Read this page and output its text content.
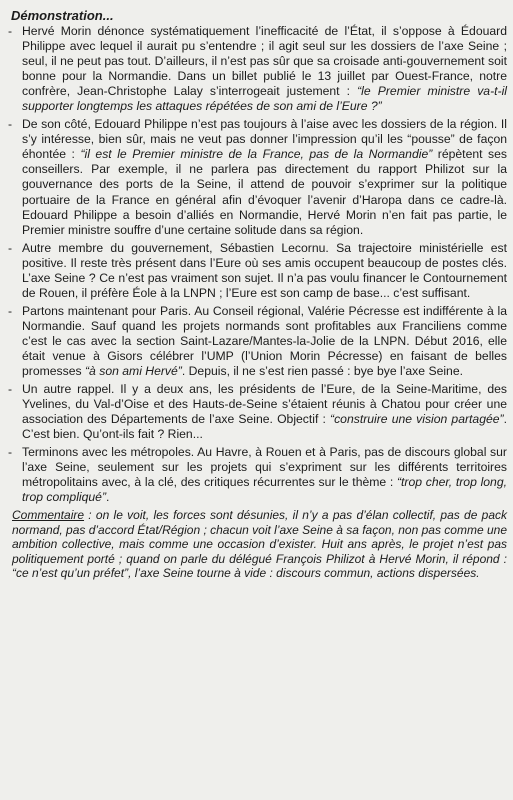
Démonstration...
- Hervé Morin dénonce systématiquement l’inefficacité de l’État, il s’oppose à Édouard Philippe avec lequel il aurait pu s’entendre ; il agit seul sur les dossiers de l’axe Seine ; seul, il ne peut pas tout. D’ailleurs, il n’est pas sûr que sa croisade anti-gouvernement soit bonne pour la Normandie. Dans un billet publié le 13 juillet par Ouest-France, notre confrère, Jean-Christophe Lalay s’interrogeait justement : “le Premier ministre va-t-il supporter longtemps les attaques répétées de son ami de l’Eure ?”
- De son côté, Edouard Philippe n’est pas toujours à l’aise avec les dossiers de la région. Il s’y intéresse, bien sûr, mais ne veut pas donner l’impression qu’il les “pousse” de façon éhontée : “il est le Premier ministre de la France, pas de la Normandie” répètent ses conseillers. Par exemple, il ne parlera pas directement du rapport Philizot sur la gouvernance des ports de la Seine, il attend de pouvoir s’exprimer sur la politique portuaire de la France en général afin d’évoquer l’avenir d’Haropa dans ce cadre-là. Edouard Philippe a besoin d’alliés en Normandie, Hervé Morin n’en fait pas partie, le Premier ministre souffre d’une certaine solitude dans sa région.
- Autre membre du gouvernement, Sébastien Lecornu. Sa trajectoire ministérielle est positive. Il reste très présent dans l’Eure où ses amis occupent beaucoup de postes clés. L’axe Seine ? Ce n’est pas vraiment son sujet. Il n’a pas voulu financer le Contournement de Rouen, il préfère Éole à la LNPN ; l’Eure est son camp de base... c’est suffisant.
- Partons maintenant pour Paris. Au Conseil régional, Valérie Pécresse est indifférente à la Normandie. Sauf quand les projets normands sont profitables aux Franciliens comme c’est le cas avec la section Saint-Lazare/Mantes-la-Jolie de la LNPN. Début 2016, elle était venue à Gisors célébrer l’UMP (l’Union Morin Pécresse) en faisant de belles promesses “à son ami Hervé”. Depuis, il ne s’est rien passé : bye bye l’axe Seine.
- Un autre rappel. Il y a deux ans, les présidents de l’Eure, de la Seine-Maritime, des Yvelines, du Val-d’Oise et des Hauts-de-Seine s’étaient réunis à Chatou pour créer une association des Départements de l’axe Seine. Objectif : “construire une vision partagée”. C’est bien. Qu’ont-ils fait ? Rien...
- Terminons avec les métropoles. Au Havre, à Rouen et à Paris, pas de discours global sur l’axe Seine, seulement sur les projets qui s’expriment sur les différents territoires métropolitains avec, à la clé, des critiques récurrentes sur le thème : “trop cher, trop long, trop compliqué”.
Commentaire : on le voit, les forces sont désunies, il n’y a pas d’élan collectif, pas de pack normand, pas d’accord État/Région ; chacun voit l’axe Seine à sa façon, non pas comme une ambition collective, mais comme une occasion d’exister. Huit ans après, le projet n’est pas politiquement porté ; quand on parle du délégué François Philizot à Hervé Morin, il répond : “ce n’est qu’un préfet”, l’axe Seine tourne à vide : discours commun, actions dispersées.
